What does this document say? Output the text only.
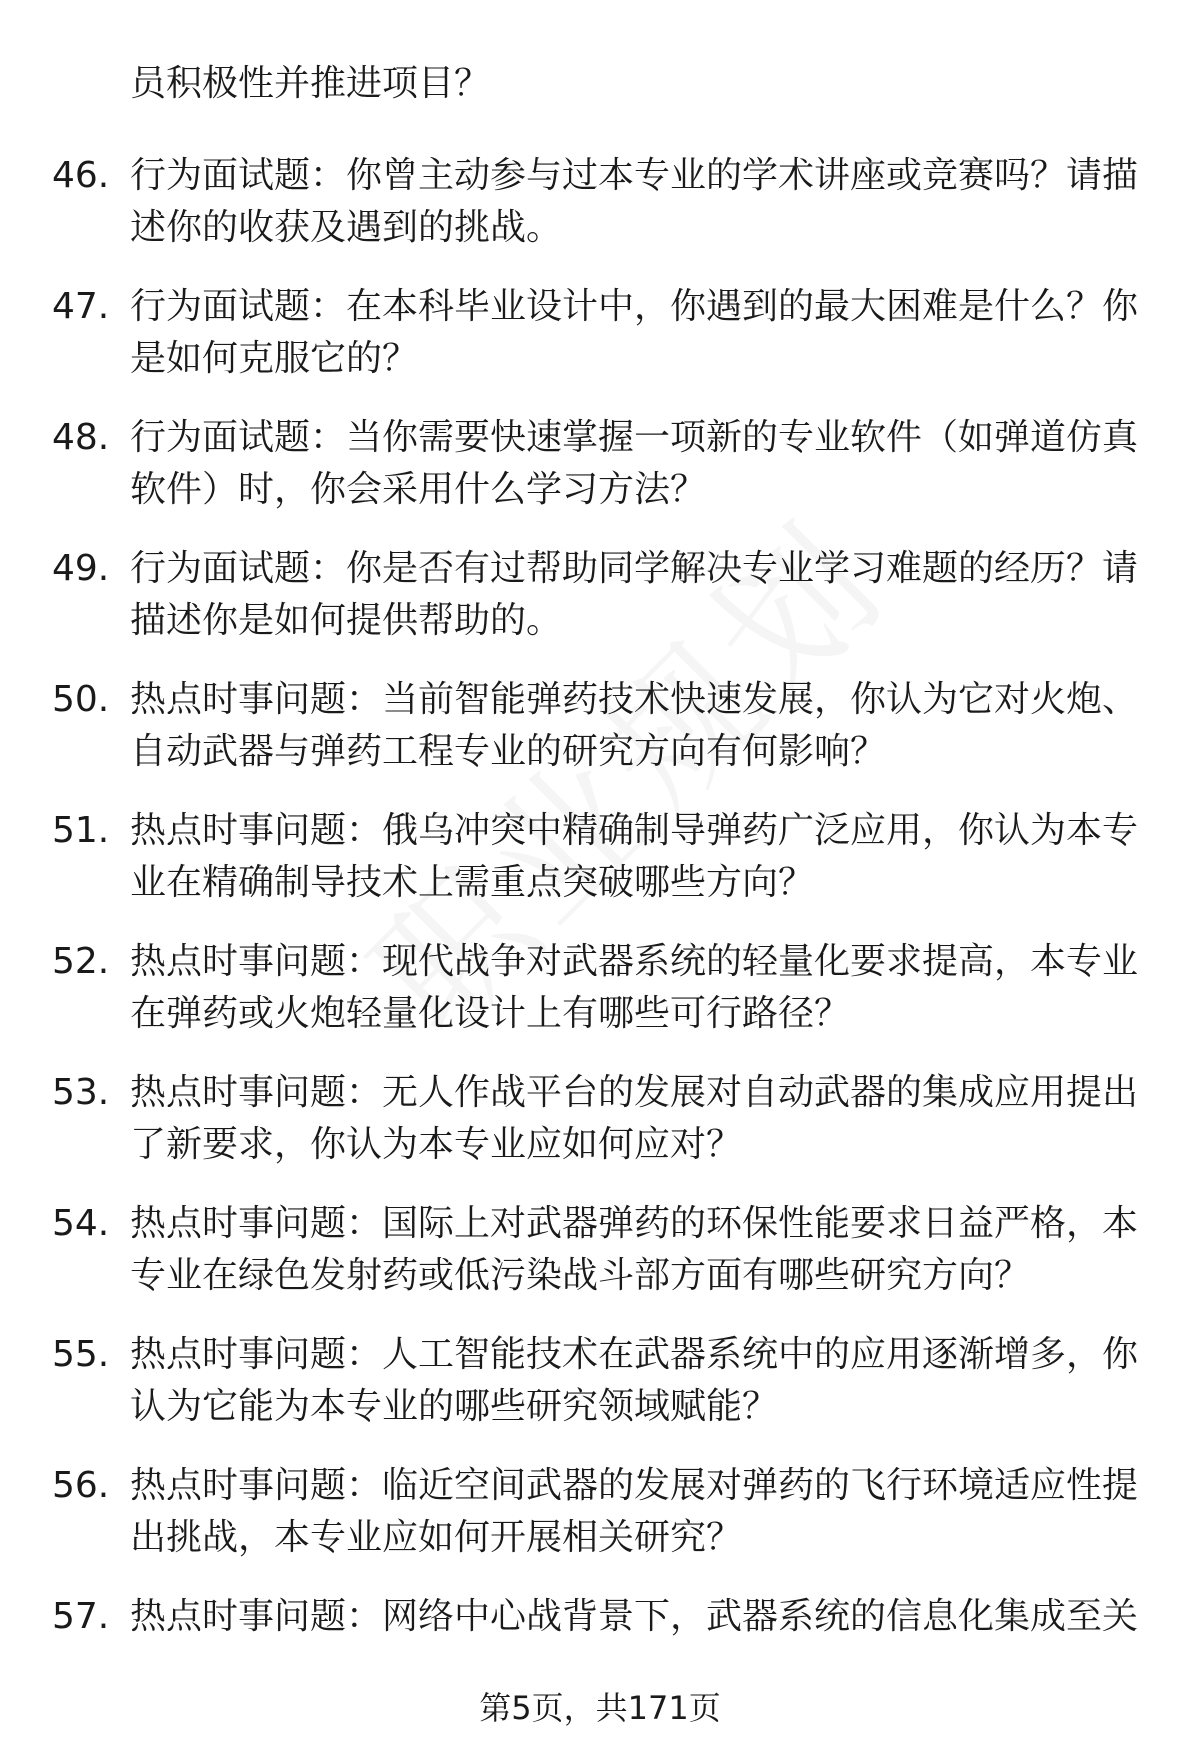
员积极性并推进项目？
46. 行为面试题：你曾主动参与过本专业的学术讲座或竞赛吗？请描述你的收获及遇到的挑战。
47. 行为面试题：在本科毕业设计中，你遇到的最大困难是什么？你是如何克服它的？
48. 行为面试题：当你需要快速掌握一项新的专业软件（如弹道仿真软件）时，你会采用什么学习方法？
49. 行为面试题：你是否有过帮助同学解决专业学习难题的经历？请描述你是如何提供帮助的。
50. 热点时事问题：当前智能弹药技术快速发展，你认为它对火炮、自动武器与弹药工程专业的研究方向有何影响？
51. 热点时事问题：俄乌冲突中精确制导弹药广泛应用，你认为本专业在精确制导技术上需重点突破哪些方向？
52. 热点时事问题：现代战争对武器系统的轻量化要求提高，本专业在弹药或火炮轻量化设计上有哪些可行路径？
53. 热点时事问题：无人作战平台的发展对自动武器的集成应用提出了新要求，你认为本专业应如何应对？
54. 热点时事问题：国际上对武器弹药的环保性能要求日益严格，本专业在绿色发射药或低污染战斗部方面有哪些研究方向？
55. 热点时事问题：人工智能技术在武器系统中的应用逐渐增多，你认为它能为本专业的哪些研究领域赋能？
56. 热点时事问题：临近空间武器的发展对弹药的飞行环境适应性提出挑战，本专业应如何开展相关研究？
57. 热点时事问题：网络中心战背景下，武器系统的信息化集成至关
第5页，共171页
